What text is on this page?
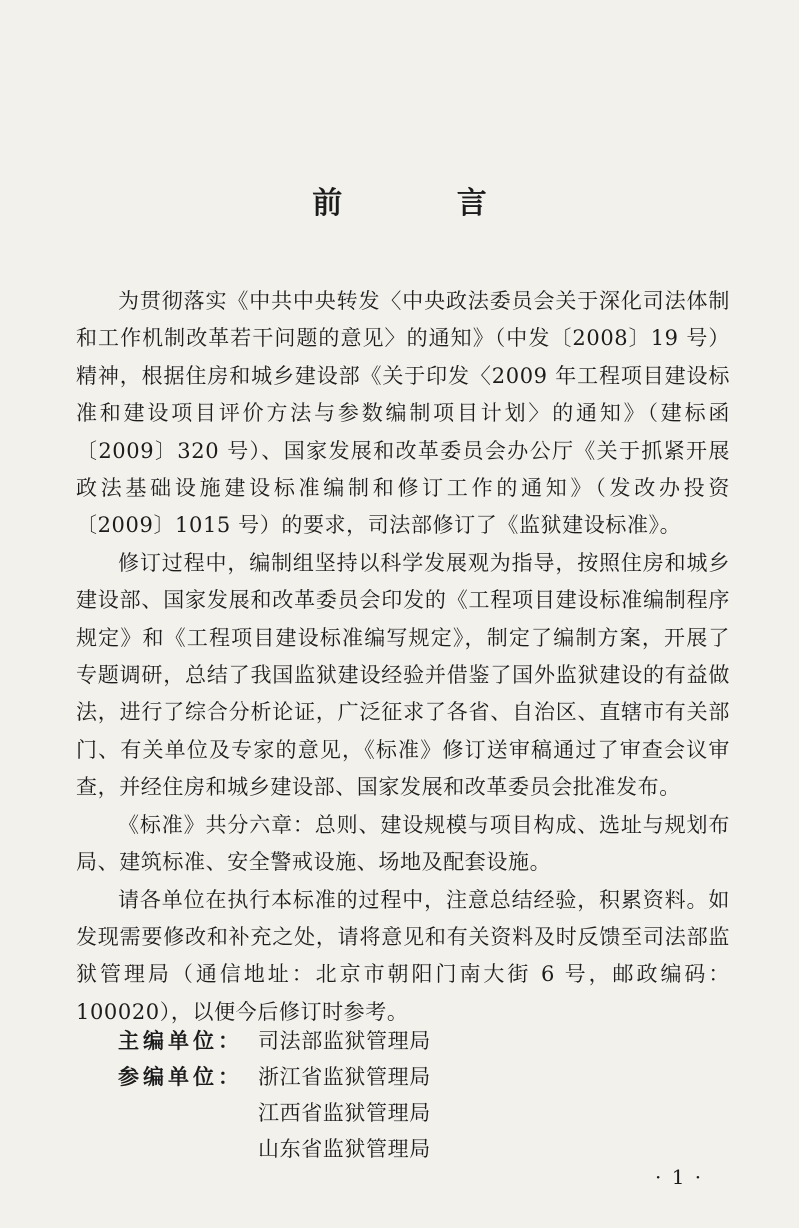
前 言

为贯彻落实《中共中央转发〈中央政法委员会关于深化司法体制和工作机制改革若干问题的意见〉的通知》（中发〔2008〕19 号）精神，根据住房和城乡建设部《关于印发〈2009 年工程项目建设标准和建设项目评价方法与参数编制项目计划〉的通知》（建标函〔2009〕320 号）、国家发展和改革委员会办公厅《关于抓紧开展政法基础设施建设标准编制和修订工作的通知》（发改办投资〔2009〕1015 号）的要求，司法部修订了《监狱建设标准》。

修订过程中，编制组坚持以科学发展观为指导，按照住房和城乡建设部、国家发展和改革委员会印发的《工程项目建设标准编制程序规定》和《工程项目建设标准编写规定》，制定了编制方案，开展了专题调研，总结了我国监狱建设经验并借鉴了国外监狱建设的有益做法，进行了综合分析论证，广泛征求了各省、自治区、直辖市有关部门、有关单位及专家的意见，《标准》修订送审稿通过了审查会议审查，并经住房和城乡建设部、国家发展和改革委员会批准发布。

《标准》共分六章：总则、建设规模与项目构成、选址与规划布局、建筑标准、安全警戒设施、场地及配套设施。

请各单位在执行本标准的过程中，注意总结经验，积累资料。如发现需要修改和补充之处，请将意见和有关资料及时反馈至司法部监狱管理局（通信地址：北京市朝阳门南大街 6 号，邮政编码：100020），以便今后修订时参考。

主编单位： 司法部监狱管理局
参编单位： 浙江省监狱管理局
江西省监狱管理局
山东省监狱管理局
· 1 ·
